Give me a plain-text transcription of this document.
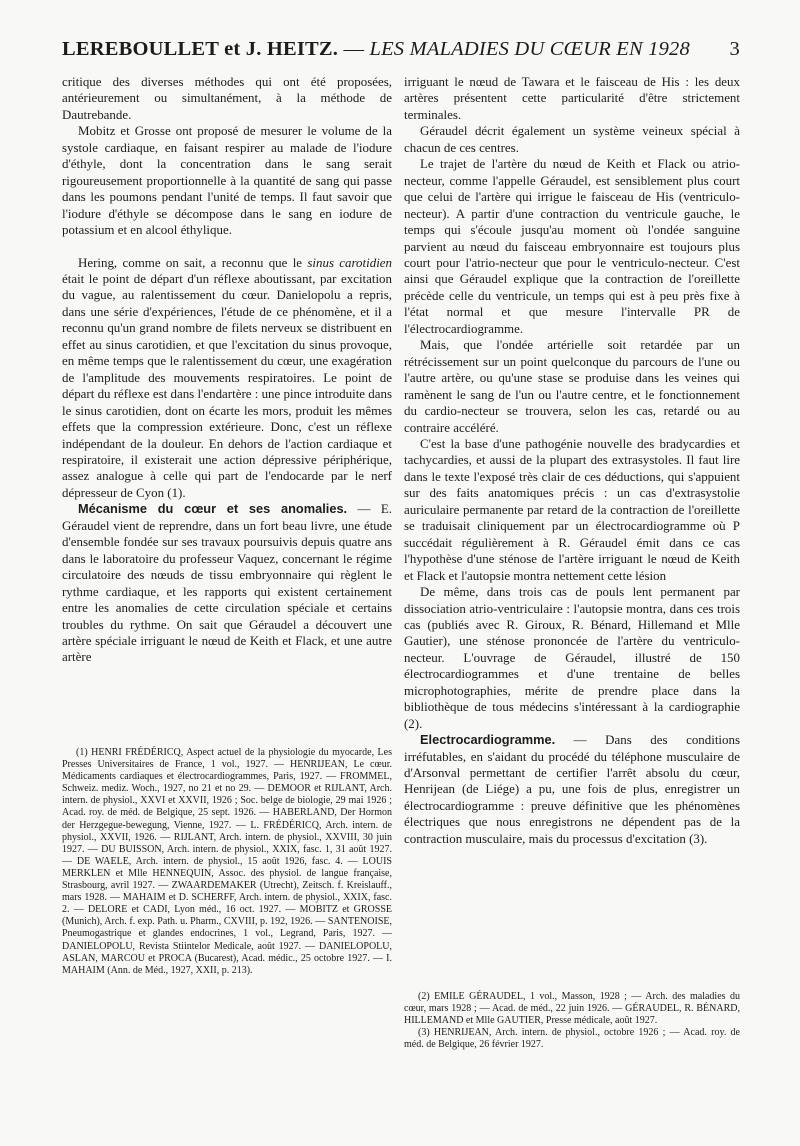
LEREBOULLET et J. HEITZ. — LES MALADIES DU CŒUR EN 1928 3

critique des diverses méthodes qui ont été proposées, antérieurement ou simultanément, à la méthode de Dautrebande.

Mobitz et Grosse ont proposé de mesurer le volume de la systole cardiaque, en faisant respirer au malade de l'iodure d'éthyle, dont la concentration dans le sang serait rigoureusement proportionnelle à la quantité de sang qui passe dans les poumons pendant l'unité de temps. Il faut savoir que l'iodure d'éthyle se décompose dans le sang en iodure de potassium et en alcool éthylique.

Hering, comme on sait, a reconnu que le sinus carotidien était le point de départ d'un réflexe aboutissant, par excitation du vague, au ralentissement du cœur. Danielopolu a repris, dans une série d'expériences, l'étude de ce phénomène, et il a reconnu qu'un grand nombre de filets nerveux se distribuent en effet au sinus carotidien, et que l'excitation du sinus provoque, en même temps que le ralentissement du cœur, une exagération de l'amplitude des mouvements respiratoires. Le point de départ du réflexe est dans l'endartère : une pince introduite dans le sinus carotidien, dont on écarte les mors, produit les mêmes effets que la compression extérieure. Donc, c'est un réflexe indépendant de la douleur. En dehors de l'action cardiaque et respiratoire, il existerait une action dépressive périphérique, assez analogue à celle qui part de l'endocarde par le nerf dépresseur de Cyon (1).

Mécanisme du cœur et ses anomalies. — E. Géraudel vient de reprendre, dans un fort beau livre, une étude d'ensemble fondée sur ses travaux poursuivis depuis quatre ans dans le laboratoire du professeur Vaquez, concernant le régime circulatoire des nœuds de tissu embryonnaire qui règlent le rythme cardiaque, et les rapports qui existent certainement entre les anomalies de cette circulation spéciale et certains troubles du rythme. On sait que Géraudel a découvert une artère spéciale irriguant le nœud de Keith et Flack, et une autre artère

irriguant le nœud de Tawara et le faisceau de His : les deux artères présentent cette particularité d'être strictement terminales.

Géraudel décrit également un système veineux spécial à chacun de ces centres.

Le trajet de l'artère du nœud de Keith et Flack ou atrio-necteur, comme l'appelle Géraudel, est sensiblement plus court que celui de l'artère qui irrigue le faisceau de His (ventriculo-necteur). A partir d'une contraction du ventricule gauche, le temps qui s'écoule jusqu'au moment où l'ondée sanguine parvient au nœud du faisceau embryonnaire est toujours plus court pour l'atrio-necteur que pour le ventriculo-necteur. C'est ainsi que Géraudel explique que la contraction de l'oreillette précède celle du ventricule, un temps qui est à peu près fixe à l'état normal et que mesure l'intervalle PR de l'électrocardiogramme.

Mais, que l'ondée artérielle soit retardée par un rétrécissement sur un point quelconque du parcours de l'une ou l'autre artère, ou qu'une stase se produise dans les veines qui ramènent le sang de l'un ou l'autre centre, et le fonctionnement du cardio-necteur se trouvera, selon les cas, retardé ou au contraire accéléré.

C'est la base d'une pathogénie nouvelle des bradycardies et tachycardies, et aussi de la plupart des extrasystoles. Il faut lire dans le texte l'exposé très clair de ces déductions, qui s'appuient sur des faits anatomiques précis : un cas d'extrasystolie auriculaire permanente par retard de la contraction de l'oreillette se traduisait cliniquement par un électrocardiogramme où P succédait régulièrement à R. Géraudel émit dans ce cas l'hypothèse d'une sténose de l'artère irriguant le nœud de Keith et Flack et l'autopsie montra nettement cette lésion

De même, dans trois cas de pouls lent permanent par dissociation atrio-ventriculaire : l'autopsie montra, dans ces trois cas (publiés avec R. Giroux, R. Bénard, Hillemand et Mlle Gautier), une sténose prononcée de l'artère du ventriculo-necteur. L'ouvrage de Géraudel, illustré de 150 électrocardiogrammes et d'une trentaine de belles microphotographies, mérite de prendre place dans la bibliothèque de tous médecins s'intéressant à la cardiographie (2).

Electrocardiogramme. — Dans des conditions irréfutables, en s'aidant du procédé du téléphone musculaire de d'Arsonval permettant de certifier l'arrêt absolu du cœur, Henrijean (de Liége) a pu, une fois de plus, enregistrer un électrocardiogramme : preuve définitive que les phénomènes électriques que nous enregistrons ne dépendent pas de la contraction musculaire, mais du processus d'excitation (3).

(1) HENRI FRÉDÉRICQ, Aspect actuel de la physiologie du myocarde, Les Presses Universitaires de France, 1 vol., 1927. — HENRIJEAN, Le cœur. Médicaments cardiaques et électrocardiogrammes, Paris, 1927. — FROMMEL, Schweiz. mediz. Woch., 1927, no 21 et no 29. — DEMOOR et RIJLANT, Arch. intern. de physiol., XXVI et XXVII, 1926 ; Soc. belge de biologie, 29 mai 1926 ; Acad. roy. de méd. de Belgique, 25 sept. 1926. — HABERLAND, Der Hormon der Herzgegue-bewegung, Vienne, 1927. — L. FRÉDÉRICQ, Arch. intern. de physiol., XXVII, 1926. — RIJLANT, Arch. intern. de physiol., XXVIII, 30 juin 1927. — DU BUISSON, Arch. intern. de physiol., XXIX, fasc. 1, 31 août 1927. — DE WAELE, Arch. intern. de physiol., 15 août 1926, fasc. 4. — LOUIS MERKLEN et Mlle HENNEQUIN, Assoc. des physiol. de langue française, Strasbourg, avril 1927. — ZWAARDEMAKER (Utrecht), Zeitsch. f. Kreislauff., mars 1928. — MAHAIM et D. SCHERFF, Arch. intern. de physiol., XXIX, fasc. 2. — DELORE et CADI, Lyon méd., 16 oct. 1927. — MOBITZ et GROSSE (Munich), Arch. f. exp. Path. u. Pharm., CXVIII, p. 192, 1926. — SANTENOISE, Pneumogastrique et glandes endocrines, 1 vol., Legrand, Paris, 1927. — DANIELOPOLU, Revista Stiintelor Medicale, août 1927. — DANIELOPOLU, ASLAN, MARCOU et PROCA (Bucarest), Acad. médic., 25 octobre 1927. — I. MAHAIM (Ann. de Méd., 1927, XXII, p. 213).

(2) EMILE GÉRAUDEL, 1 vol., Masson, 1928 ; — Arch. des maladies du cœur, mars 1928 ; — Acad. de méd., 22 juin 1926. — GÉRAUDEL, R. BÉNARD, HILLEMAND et Mlle GAUTIER, Presse médicale, août 1927.

(3) HENRIJEAN, Arch. intern. de physiol., octobre 1926 ; — Acad. roy. de méd. de Belgique, 26 février 1927.
